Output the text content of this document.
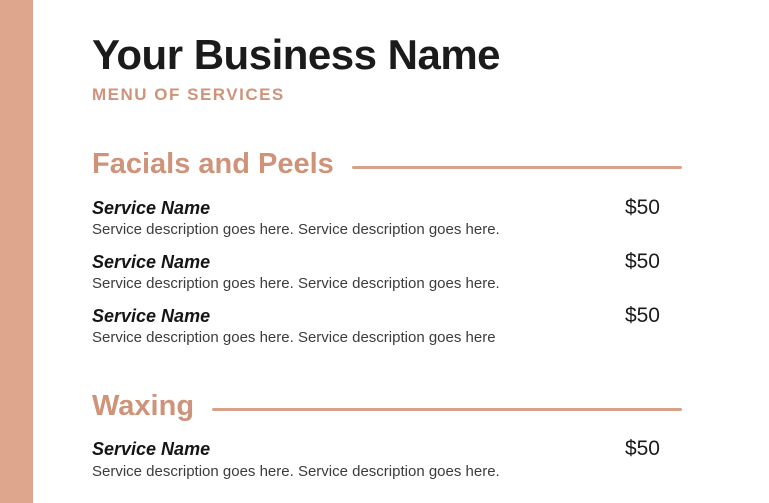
Your Business Name
MENU OF SERVICES
Facials and Peels
Service Name	$50
Service description goes here. Service description goes here.
Service Name	$50
Service description goes here. Service description goes here.
Service Name	$50
Service description goes here. Service description goes here
Waxing
Service Name	$50
Service description goes here. Service description goes here.
